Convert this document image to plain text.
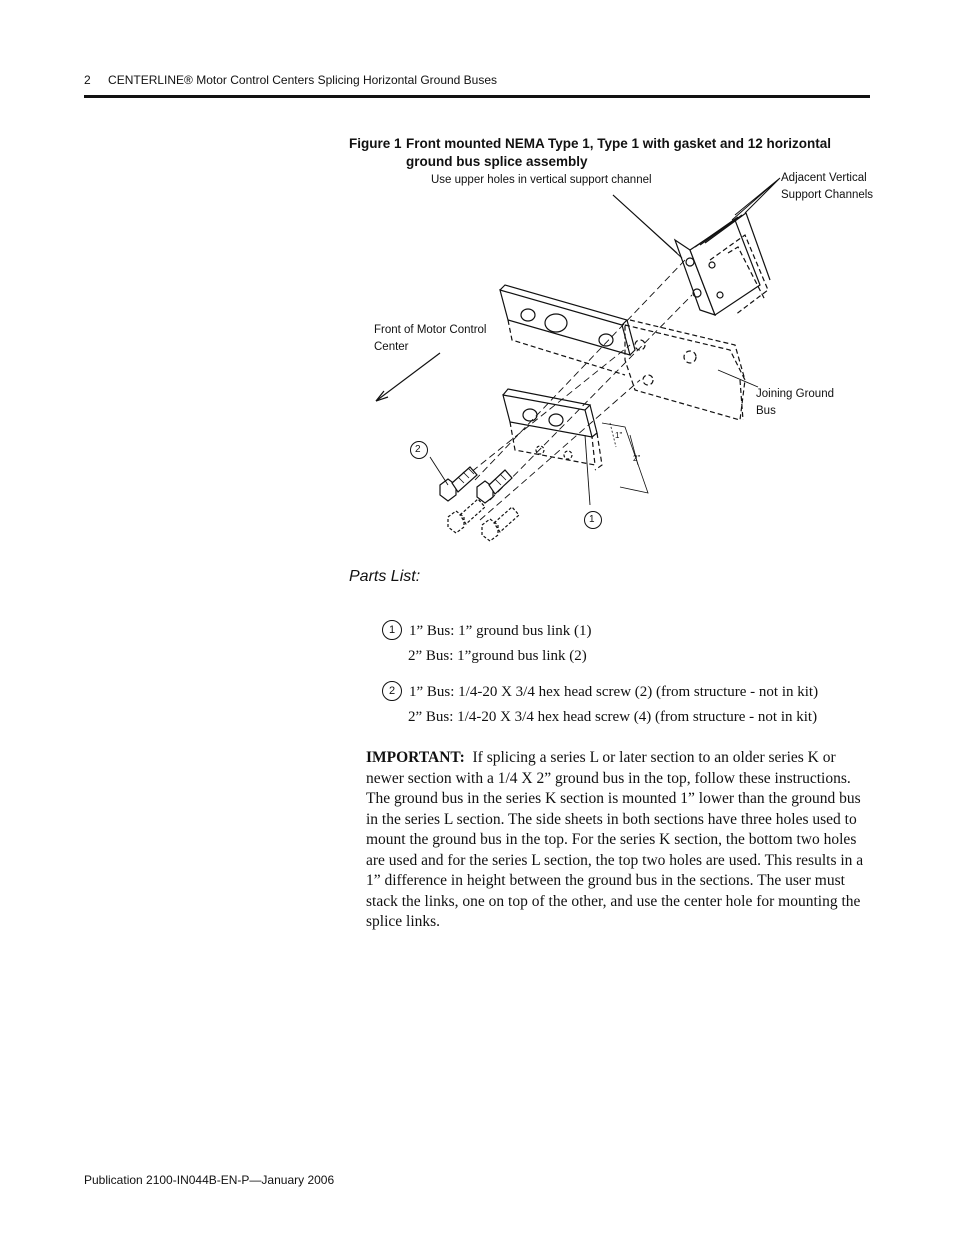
2 CENTERLINE® Motor Control Centers Splicing Horizontal Ground Buses
Figure 1 Front mounted NEMA Type 1, Type 1 with gasket and 12 horizontal ground bus splice assembly
Use upper holes in vertical support channel	Adjacent Vertical Support Channels
Front of Motor Control Center
Joining Ground Bus
1"
2"
2
1
Parts List:
1 1” Bus: 1” ground bus link (1)
2” Bus: 1”ground bus link (2)
2 1” Bus: 1/4-20 X 3/4 hex head screw (2) (from structure - not in kit)
2” Bus: 1/4-20 X 3/4 hex head screw (4) (from structure - not in kit)
IMPORTANT: If splicing a series L or later section to an older series K or newer section with a 1/4 X 2” ground bus in the top, follow these instructions.
The ground bus in the series K section is mounted 1” lower than the ground bus in the series L section. The side sheets in both sections have three holes used to mount the ground bus in the top. For the series K section, the bottom two holes are used and for the series L section, the top two holes are used. This results in a 1” difference in height between the ground bus in the sections. The user must stack the links, one on top of the other, and use the center hole for mounting the splice links.
Publication 2100-IN044B-EN-P—January 2006
